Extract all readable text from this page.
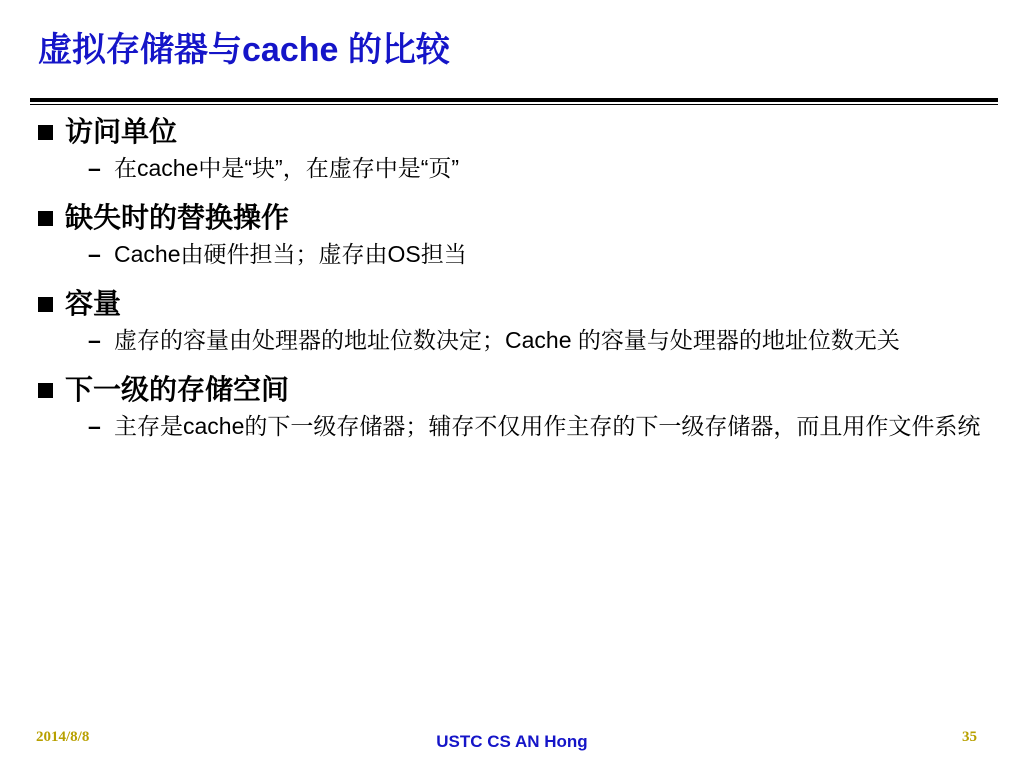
虚拟存储器与cache 的比较
访问单位
– 在cache中是“块”，在虚存中是“页”
缺失时的替换操作
– Cache由硬件担当；虚存由OS担当
容量
– 虚存的容量由处理器的地址位数决定；Cache 的容量与处理器的地址位数无关
下一级的存储空间
– 主存是cache的下一级存储器；辅存不仅用作主存的下一级存储器，而且用作文件系统
2014/8/8	USTC CS AN Hong	35
